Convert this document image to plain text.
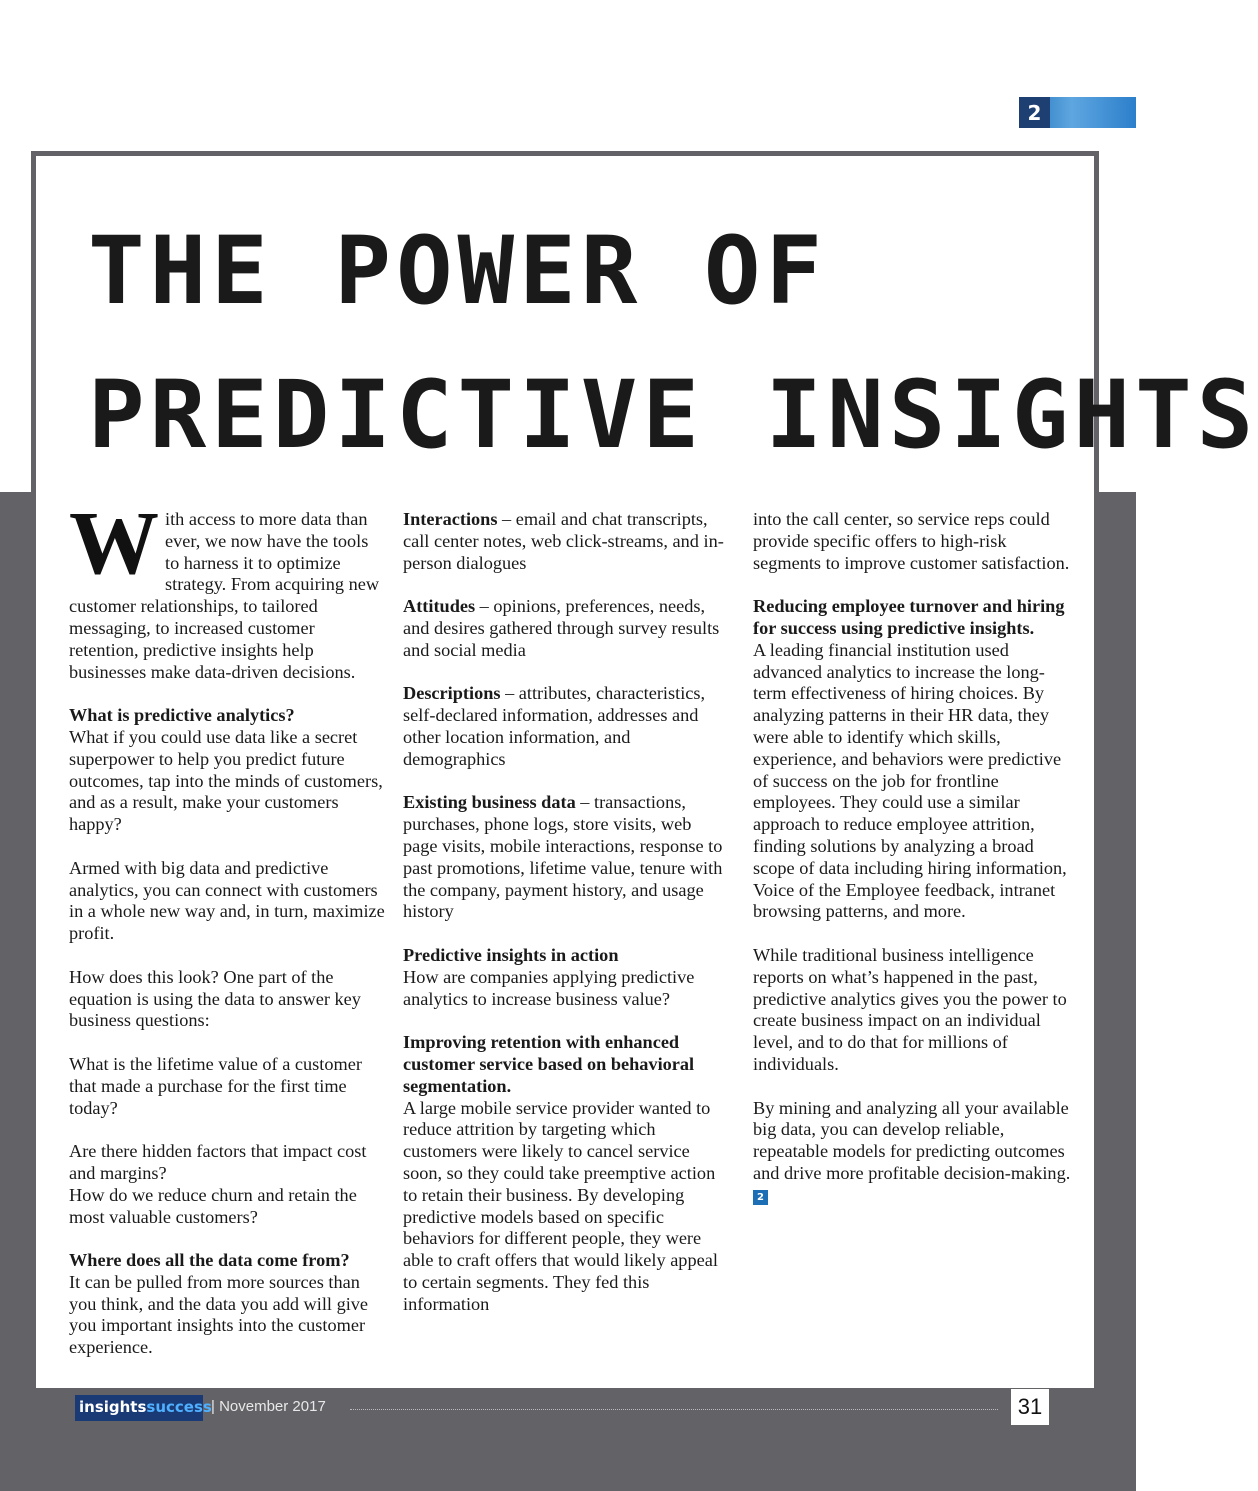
2
THE POWER OF
PREDICTIVE INSIGHTS

With access to more data than ever, we now have the tools to harness it to optimize strategy. From acquiring new customer relationships, to tailored messaging, to increased customer retention, predictive insights help businesses make data-driven decisions.

What is predictive analytics?
What if you could use data like a secret superpower to help you predict future outcomes, tap into the minds of customers, and as a result, make your customers happy?

Armed with big data and predictive analytics, you can connect with customers in a whole new way and, in turn, maximize profit.

How does this look? One part of the equation is using the data to answer key business questions:

What is the lifetime value of a customer that made a purchase for the first time today?

Are there hidden factors that impact cost and margins?
How do we reduce churn and retain the most valuable customers?

Where does all the data come from?
It can be pulled from more sources than you think, and the data you add will give you important insights into the customer experience.

Interactions – email and chat transcripts, call center notes, web click-streams, and in-person dialogues

Attitudes – opinions, preferences, needs, and desires gathered through survey results and social media

Descriptions – attributes, characteristics, self-declared information, addresses and other location information, and demographics

Existing business data – transactions, purchases, phone logs, store visits, web page visits, mobile interactions, response to past promotions, lifetime value, tenure with the company, payment history, and usage history

Predictive insights in action
How are companies applying predictive analytics to increase business value?

Improving retention with enhanced customer service based on behavioral segmentation.
A large mobile service provider wanted to reduce attrition by targeting which customers were likely to cancel service soon, so they could take preemptive action to retain their business. By developing predictive models based on specific behaviors for different people, they were able to craft offers that would likely appeal to certain segments. They fed this information

into the call center, so service reps could provide specific offers to high-risk segments to improve customer satisfaction.

Reducing employee turnover and hiring for success using predictive insights.
A leading financial institution used advanced analytics to increase the long-term effectiveness of hiring choices. By analyzing patterns in their HR data, they were able to identify which skills, experience, and behaviors were predictive of success on the job for frontline employees. They could use a similar approach to reduce employee attrition, finding solutions by analyzing a broad scope of data including hiring information, Voice of the Employee feedback, intranet browsing patterns, and more.

While traditional business intelligence reports on what’s happened in the past, predictive analytics gives you the power to create business impact on an individual level, and to do that for millions of individuals.

By mining and analyzing all your available big data, you can develop reliable, repeatable models for predicting outcomes and drive more profitable decision-making. 2

insightssuccess | November 2017	31
